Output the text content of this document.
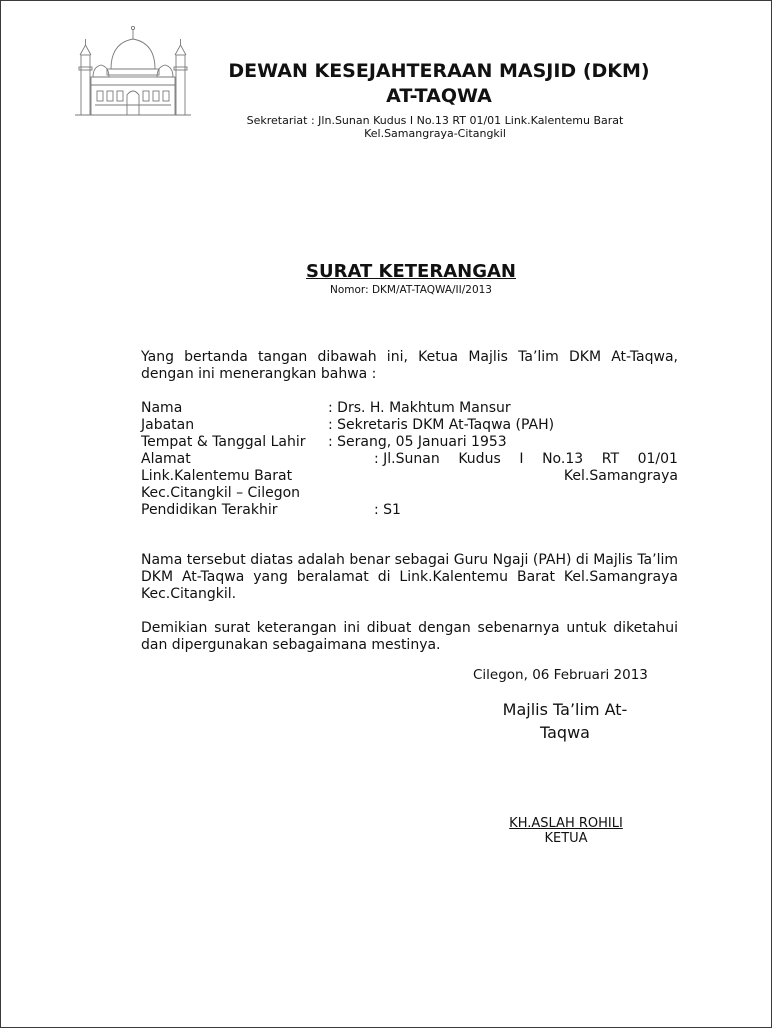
DEWAN KESEJAHTERAAN MASJID (DKM)
AT-TAQWA
Sekretariat : Jln.Sunan Kudus I No.13 RT 01/01 Link.Kalentemu Barat
Kel.Samangraya-Citangkil
SURAT KETERANGAN
Nomor: DKM/AT-TAQWA/II/2013
Yang bertanda tangan dibawah ini, Ketua Majlis Ta’lim DKM At-Taqwa, dengan ini menerangkan bahwa :
Nama	: Drs. H. Makhtum Mansur
Jabatan	: Sekretaris DKM At-Taqwa (PAH)
Tempat & Tanggal Lahir	: Serang, 05 Januari 1953
Alamat	: Jl.Sunan Kudus I No.13 RT 01/01
Link.Kalentemu Barat	Kel.Samangraya
Kec.Citangkil – Cilegon
Pendidikan Terakhir	: S1
Nama tersebut diatas adalah benar sebagai Guru Ngaji (PAH) di Majlis Ta’lim DKM At-Taqwa yang beralamat di Link.Kalentemu Barat Kel.Samangraya Kec.Citangkil.
Demikian surat keterangan ini dibuat dengan sebenarnya untuk diketahui dan dipergunakan sebagaimana mestinya.
Cilegon, 06 Februari 2013
Majlis Ta’lim At-
Taqwa
KH.ASLAH ROHILI
KETUA
